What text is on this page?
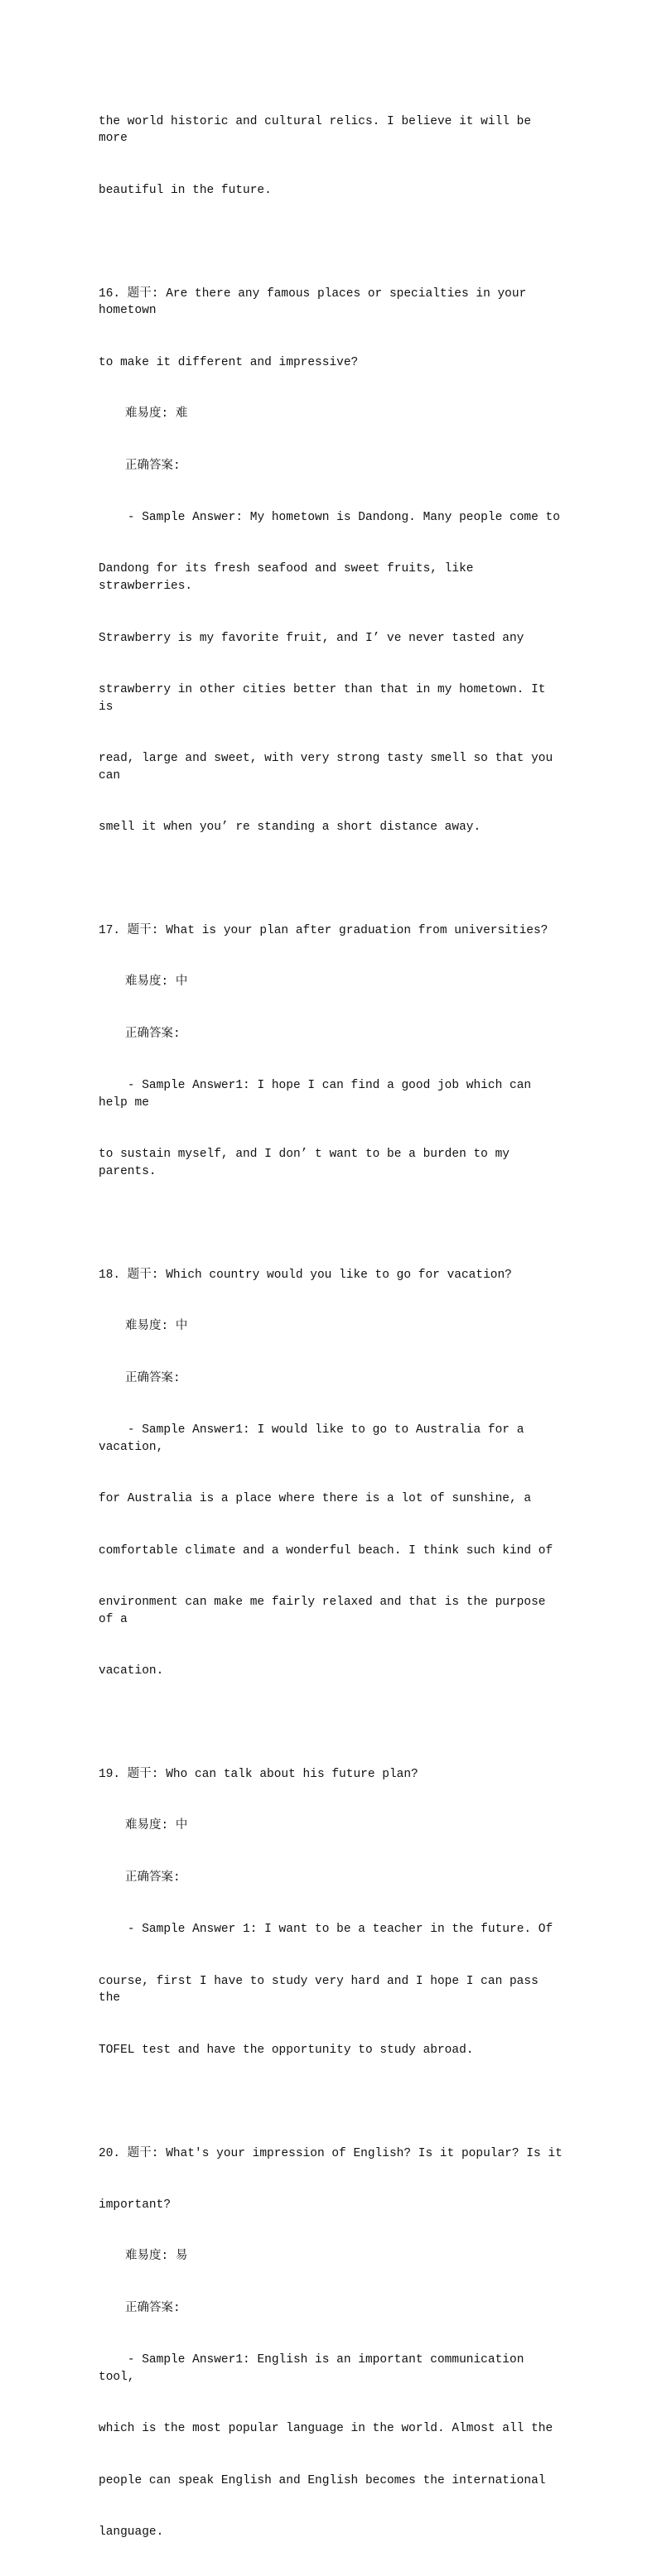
the world historic and cultural relics. I believe it will be more

beautiful in the future.

16. 题干: Are there any famous places or specialties in your hometown

to make it different and impressive?

难易度: 难

正确答案:

- Sample Answer: My hometown is Dandong. Many people come to

Dandong for its fresh seafood and sweet fruits, like strawberries.

Strawberry is my favorite fruit, and I’ ve never tasted any

strawberry in other cities better than that in my hometown. It is

read, large and sweet, with very strong tasty smell so that you can

smell it when you’ re standing a short distance away.

17. 题干: What is your plan after graduation from universities?

难易度: 中

正确答案:

- Sample Answer1: I hope I can find a good job which can help me

to sustain myself, and I don’ t want to be a burden to my parents.

18. 题干: Which country would you like to go for vacation?

难易度: 中

正确答案:

- Sample Answer1: I would like to go to Australia for a vacation,

for Australia is a place where there is a lot of sunshine, a

comfortable climate and a wonderful beach. I think such kind of

environment can make me fairly relaxed and that is the purpose of a

vacation.

19. 题干: Who can talk about his future plan?

难易度: 中

正确答案:

- Sample Answer 1: I want to be a teacher in the future. Of

course, first I have to study very hard and I hope I can pass the

TOFEL test and have the opportunity to study abroad.

20. 题干: What's your impression of English? Is it popular? Is it

important?

难易度: 易

正确答案:

- Sample Answer1: English is an important communication tool,

which is the most popular language in the world. Almost all the

people can speak English and English becomes the international

language.
